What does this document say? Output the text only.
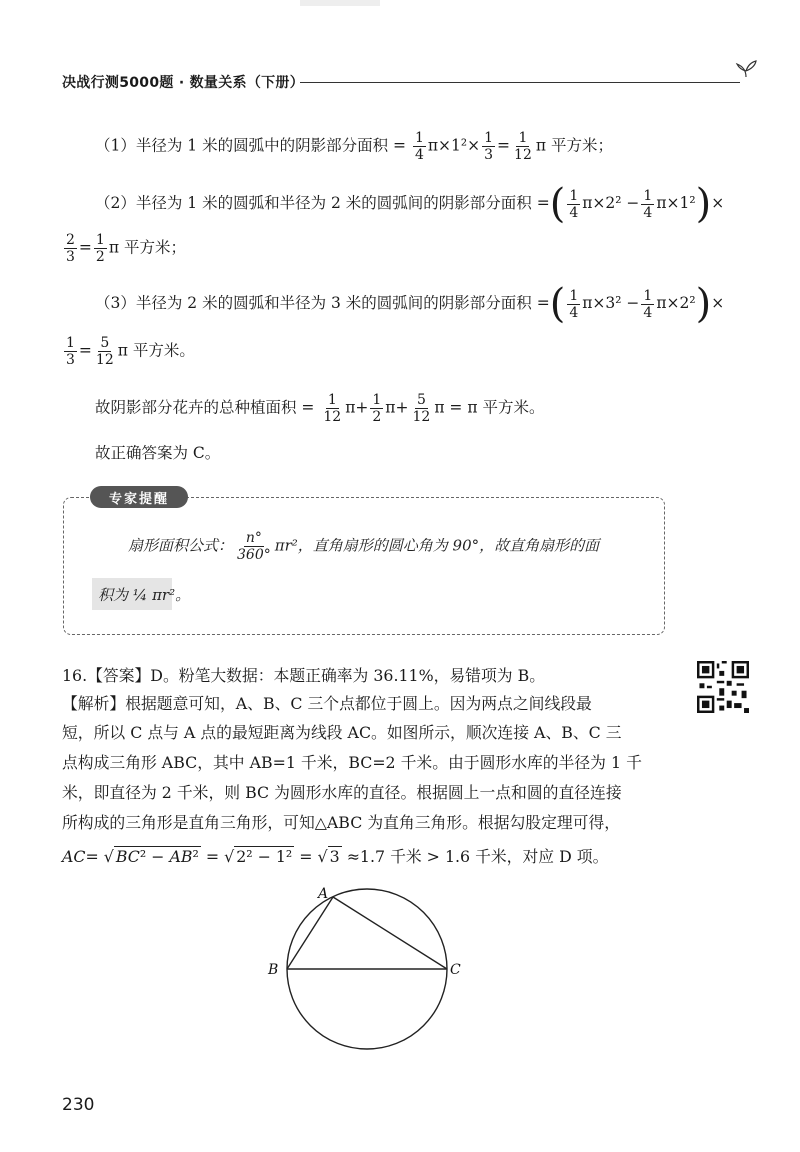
决战行测5000题 · 数量关系（下册）
（1）半径为 1 米的圆弧中的阴影部分面积 = $\frac{1}{4} \pi\times 1^2\times \frac{1}{3} = \frac{1}{12}$ π 平方米；
（2）半径为 1 米的圆弧和半径为 2 米的圆弧间的阴影部分面积 =( $\frac{1}{4} \pi\times 2^2 - \frac{1}{4} \pi\times 1^2)\times$
$\frac{2}{3} = \frac{1}{2}$ π 平方米；
（3）半径为 2 米的圆弧和半径为 3 米的圆弧间的阴影部分面积 =( $\frac{1}{4} \pi\times 3^2 - \frac{1}{4} \pi\times 2^2)\times$
$\frac{1}{3} = \frac{5}{12}$ π 平方米。
故阴影部分花卉的总种植面积 = $\frac{1}{12} \pi+ \frac{1}{2} \pi+ \frac{5}{12}$ π = π 平方米。
故正确答案为 C。
专家提醒
扇形面积公式： $\frac{n^\circ}{360^\circ} \pi r^2$，直角扇形的圆心角为 90°，故直角扇形的面
积为 ¼ πr²。
16.【答案】D。粉笔大数据：本题正确率为 36.11%，易错项为 B。
【解析】根据题意可知，A、B、C 三个点都位于圆上。因为两点之间线段最
短，所以 C 点与 A 点的最短距离为线段 AC。如图所示，顺次连接 A、B、C 三
点构成三角形 ABC，其中 AB=1 千米，BC=2 千米。由于圆形水库的半径为 1 千
米，即直径为 2 千米，则 BC 为圆形水库的直径。根据圆上一点和圆的直径连接
所构成的三角形是直角三角形，可知△ABC 为直角三角形。根据勾股定理可得，
AC= √ BC² − AB² = √ 2² − 1² = √ 3 ≈1.7 千米 > 1.6 千米，对应 D 项。
A
B	C
230
